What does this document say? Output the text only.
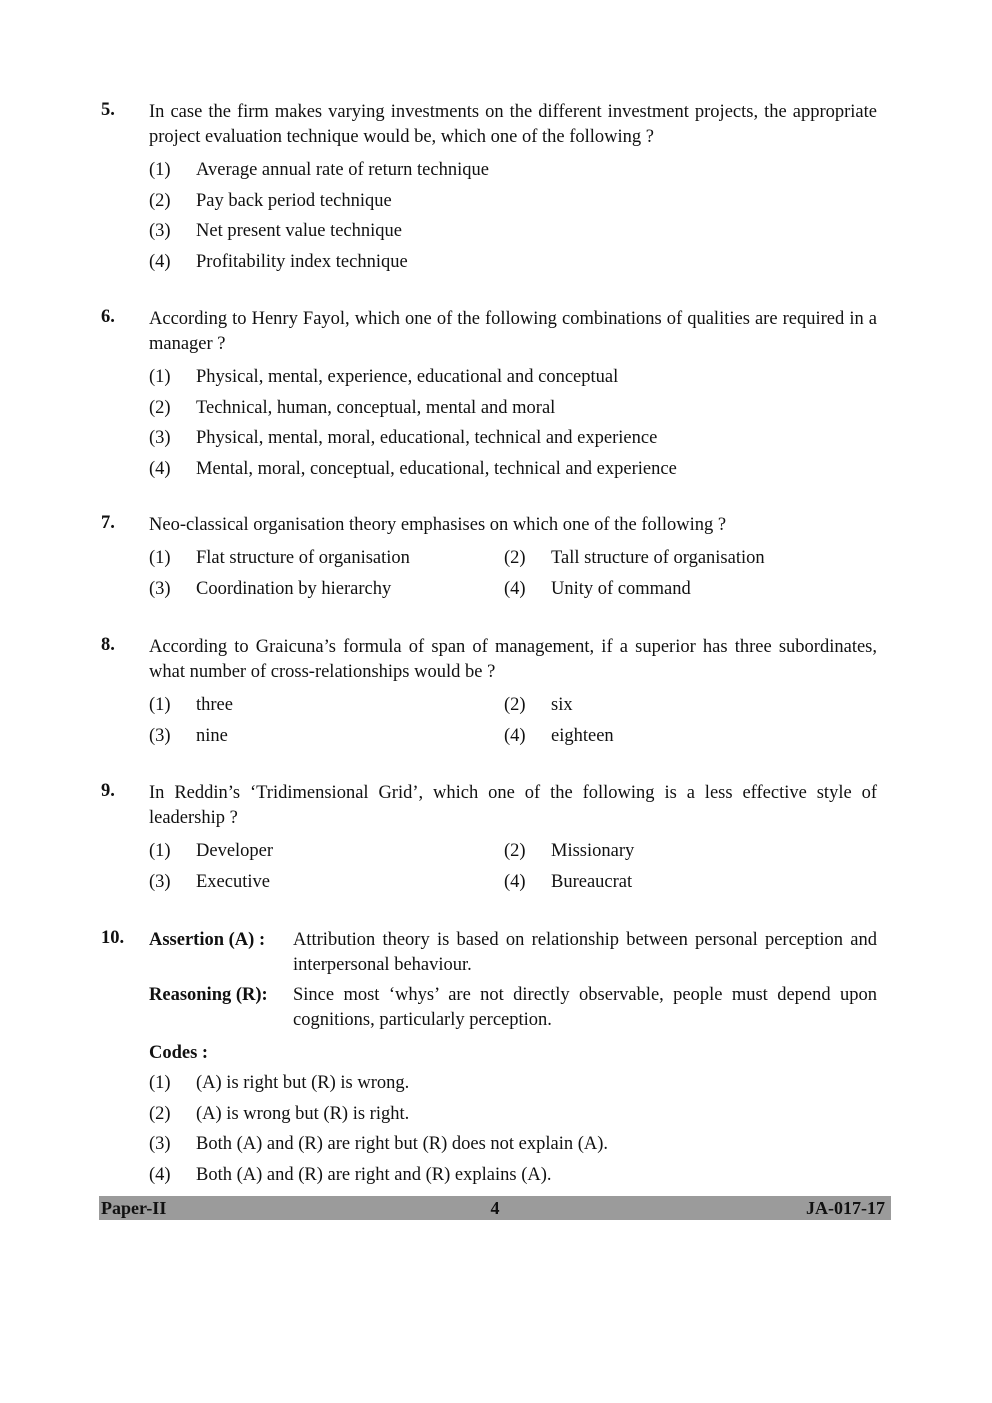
5. In case the firm makes varying investments on the different investment projects, the appropriate project evaluation technique would be, which one of the following ?
(1)	Average annual rate of return technique
(2)	Pay back period technique
(3)	Net present value technique
(4)	Profitability index technique
6. According to Henry Fayol, which one of the following combinations of qualities are required in a manager ?
(1)	Physical, mental, experience, educational and conceptual
(2)	Technical, human, conceptual, mental and moral
(3)	Physical, mental, moral, educational, technical and experience
(4)	Mental, moral, conceptual, educational, technical and experience
7. Neo-classical organisation theory emphasises on which one of the following ?
(1)	Flat structure of organisation	(2)	Tall structure of organisation
(3)	Coordination by hierarchy	(4)	Unity of command
8. According to Graicuna’s formula of span of management, if a superior has three subordinates, what number of cross-relationships would be ?
(1)	three	(2)	six
(3)	nine	(4)	eighteen
9. In Reddin’s ‘Tridimensional Grid’, which one of the following is a less effective style of leadership ?
(1)	Developer	(2)	Missionary
(3)	Executive	(4)	Bureaucrat
10. Assertion (A) :	Attribution theory is based on relationship between personal perception and interpersonal behaviour.
Reasoning (R):	Since most ‘whys’ are not directly observable, people must depend upon cognitions, particularly perception.
Codes :
(1)	(A) is right but (R) is wrong.
(2)	(A) is wrong but (R) is right.
(3)	Both (A) and (R) are right but (R) does not explain (A).
(4)	Both (A) and (R) are right and (R) explains (A).
Paper-II	4	JA-017-17
